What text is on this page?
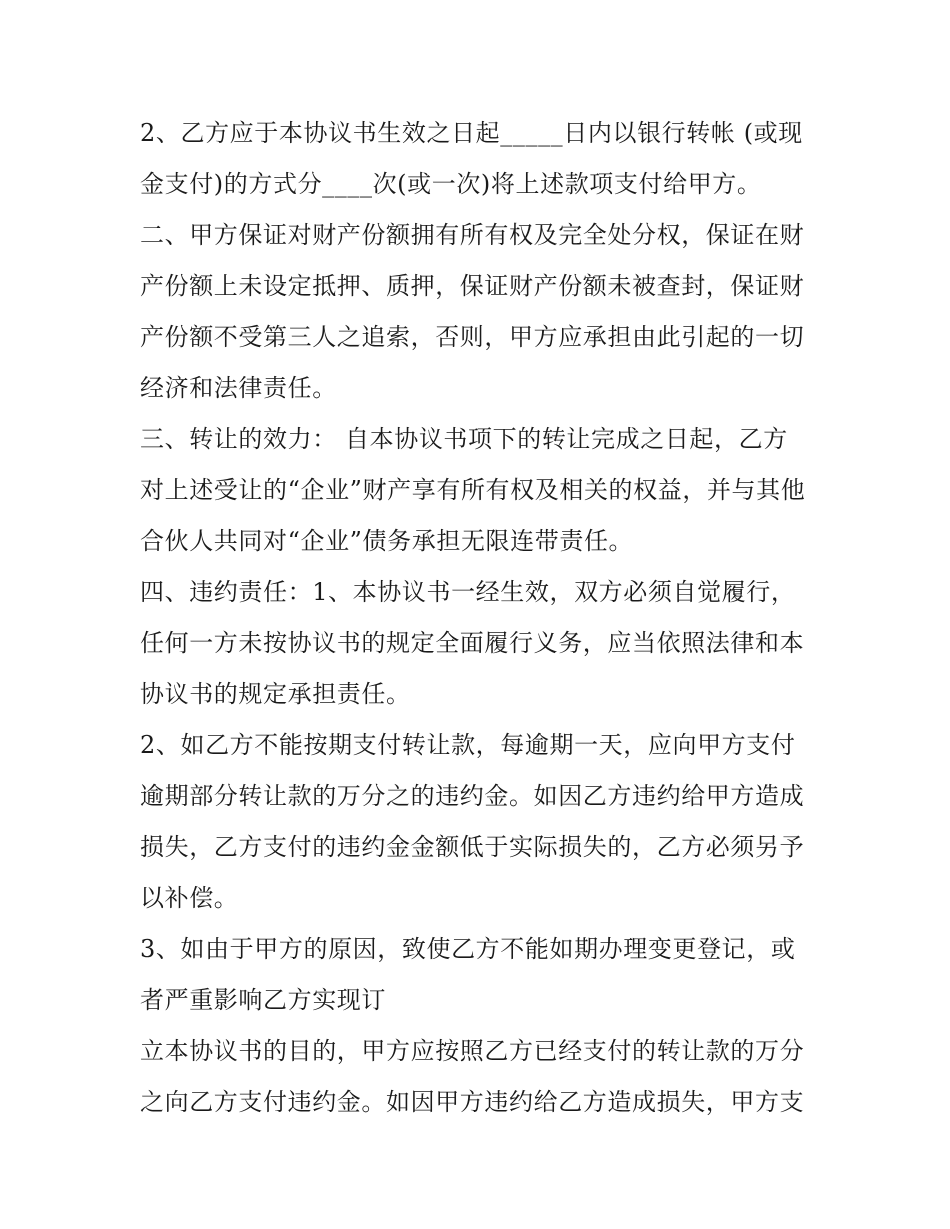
2、乙方应于本协议书生效之日起_____日内以银行转帐 (或现
金支付)的方式分____次(或一次)将上述款项支付给甲方。
二、甲方保证对财产份额拥有所有权及完全处分权，保证在财
产份额上未设定抵押、质押，保证财产份额未被查封，保证财
产份额不受第三人之追索，否则，甲方应承担由此引起的一切
经济和法律责任。
三、转让的效力： 自本协议书项下的转让完成之日起，乙方
对上述受让的“企业”财产享有所有权及相关的权益，并与其他
合伙人共同对“企业”债务承担无限连带责任。
四、违约责任：1、本协议书一经生效，双方必须自觉履行，
任何一方未按协议书的规定全面履行义务，应当依照法律和本
协议书的规定承担责任。
2、如乙方不能按期支付转让款，每逾期一天，应向甲方支付
逾期部分转让款的万分之的违约金。如因乙方违约给甲方造成
损失，乙方支付的违约金金额低于实际损失的，乙方必须另予
以补偿。
3、如由于甲方的原因，致使乙方不能如期办理变更登记，或
者严重影响乙方实现订
立本协议书的目的，甲方应按照乙方已经支付的转让款的万分
之向乙方支付违约金。如因甲方违约给乙方造成损失，甲方支
